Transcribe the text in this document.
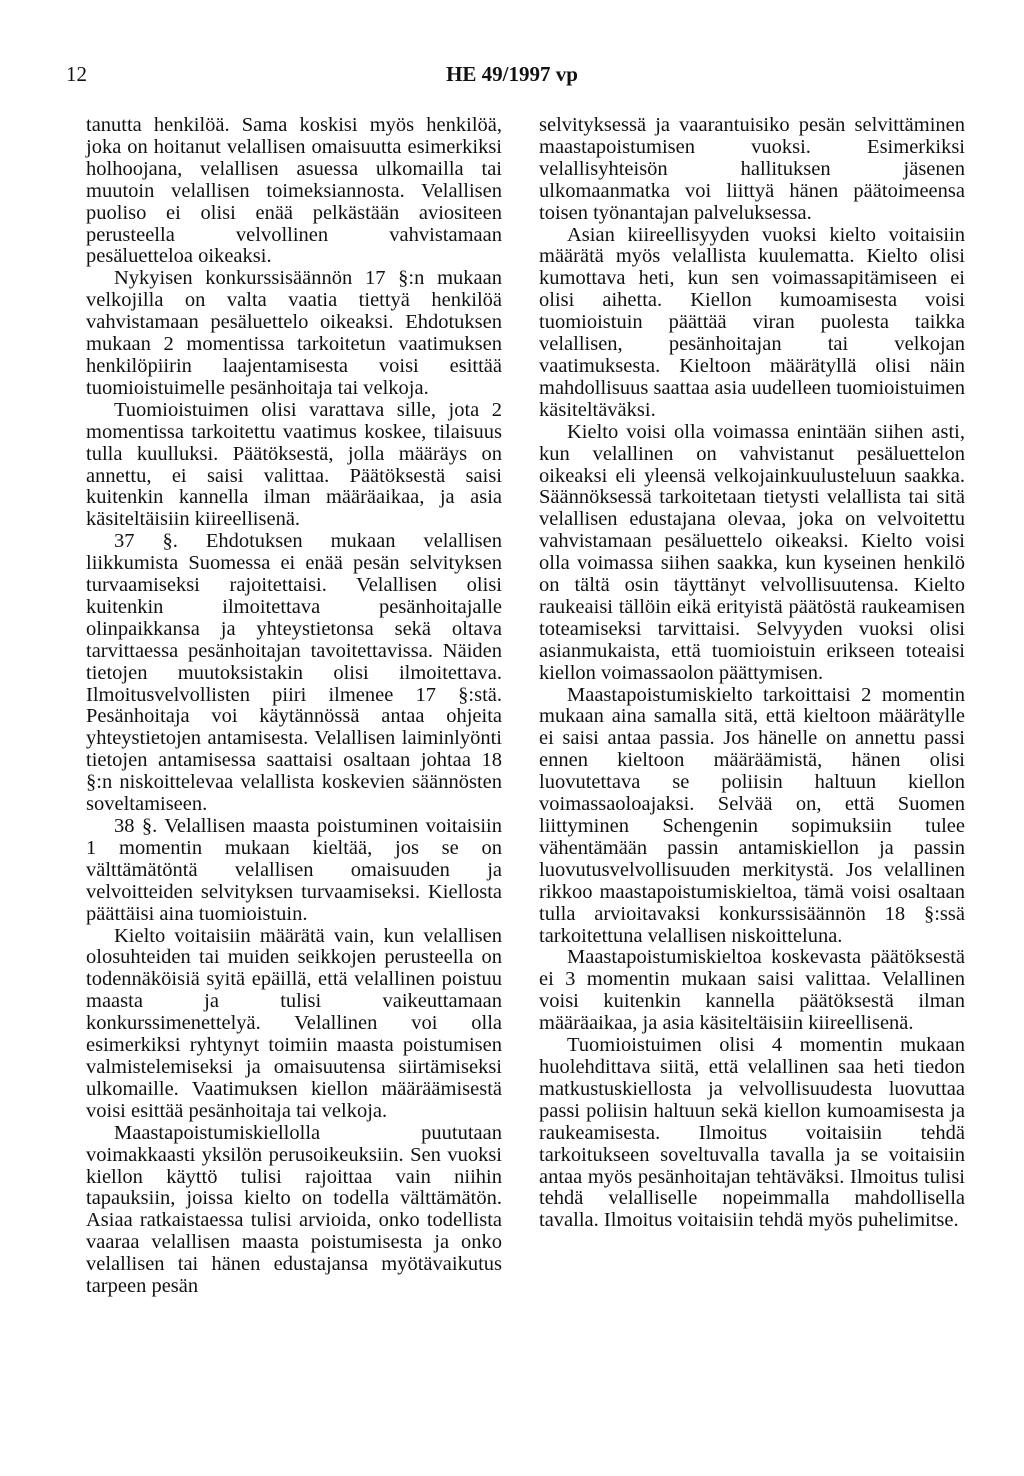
12	HE 49/1997 vp

tanutta henkilöä. Sama koskisi myös henkilöä, joka on hoitanut velallisen omaisuutta esimerkiksi holhoojana, velallisen asuessa ulkomailla tai muutoin velallisen toimeksiannosta. Velallisen puoliso ei olisi enää pelkästään aviositeen perusteella velvollinen vahvistamaan pesäluetteloa oikeaksi.

Nykyisen konkurssisäännön 17 §:n mukaan velkojilla on valta vaatia tiettyä henkilöä vahvistamaan pesäluettelo oikeaksi. Ehdotuksen mukaan 2 momentissa tarkoitetun vaatimuksen henkilöpiirin laajentamisesta voisi esittää tuomioistuimelle pesänhoitaja tai velkoja.

Tuomioistuimen olisi varattava sille, jota 2 momentissa tarkoitettu vaatimus koskee, tilaisuus tulla kuulluksi. Päätöksestä, jolla määräys on annettu, ei saisi valittaa. Päätöksestä saisi kuitenkin kannella ilman määräaikaa, ja asia käsiteltäisiin kiireellisenä.

37 §. Ehdotuksen mukaan velallisen liikkumista Suomessa ei enää pesän selvityksen turvaamiseksi rajoitettaisi. Velallisen olisi kuitenkin ilmoitettava pesänhoitajalle olinpaikkansa ja yhteystietonsa sekä oltava tarvittaessa pesänhoitajan tavoitettavissa. Näiden tietojen muutoksistakin olisi ilmoitettava. Ilmoitusvelvollisten piiri ilmenee 17 §:stä. Pesänhoitaja voi käytännössä antaa ohjeita yhteystietojen antamisesta. Velallisen laiminlyönti tietojen antamisessa saattaisi osaltaan johtaa 18 §:n niskoittelevaa velallista koskevien säännösten soveltamiseen.

38 §. Velallisen maasta poistuminen voitaisiin 1 momentin mukaan kieltää, jos se on välttämätöntä velallisen omaisuuden ja velvoitteiden selvityksen turvaamiseksi. Kiellosta päättäisi aina tuomioistuin.

Kielto voitaisiin määrätä vain, kun velallisen olosuhteiden tai muiden seikkojen perusteella on todennäköisiä syitä epäillä, että velallinen poistuu maasta ja tulisi vaikeuttamaan konkurssimenettelyä. Velallinen voi olla esimerkiksi ryhtynyt toimiin maasta poistumisen valmistelemiseksi ja omaisuutensa siirtämiseksi ulkomaille. Vaatimuksen kiellon määräämisestä voisi esittää pesänhoitaja tai velkoja.

Maastapoistumiskiellolla puututaan voimakkaasti yksilön perusoikeuksiin. Sen vuoksi kiellon käyttö tulisi rajoittaa vain niihin tapauksiin, joissa kielto on todella välttämätön. Asiaa ratkaistaessa tulisi arvioida, onko todellista vaaraa velallisen maasta poistumisesta ja onko velallisen tai hänen edustajansa myötävaikutus tarpeen pesän

selvityksessä ja vaarantuisiko pesän selvittäminen maastapoistumisen vuoksi. Esimerkiksi velallisyhteisön hallituksen jäsenen ulkomaanmatka voi liittyä hänen päätoimeensa toisen työnantajan palveluksessa.

Asian kiireellisyyden vuoksi kielto voitaisiin määrätä myös velallista kuulematta. Kielto olisi kumottava heti, kun sen voimassapitämiseen ei olisi aihetta. Kiellon kumoamisesta voisi tuomioistuin päättää viran puolesta taikka velallisen, pesänhoitajan tai velkojan vaatimuksesta. Kieltoon määrätyllä olisi näin mahdollisuus saattaa asia uudelleen tuomioistuimen käsiteltäväksi.

Kielto voisi olla voimassa enintään siihen asti, kun velallinen on vahvistanut pesäluettelon oikeaksi eli yleensä velkojainkuulusteluun saakka. Säännöksessä tarkoitetaan tietysti velallista tai sitä velallisen edustajana olevaa, joka on velvoitettu vahvistamaan pesäluettelo oikeaksi. Kielto voisi olla voimassa siihen saakka, kun kyseinen henkilö on tältä osin täyttänyt velvollisuutensa. Kielto raukeaisi tällöin eikä erityistä päätöstä raukeamisen toteamiseksi tarvittaisi. Selvyyden vuoksi olisi asianmukaista, että tuomioistuin erikseen toteaisi kiellon voimassaolon päättymisen.

Maastapoistumiskielto tarkoittaisi 2 momentin mukaan aina samalla sitä, että kieltoon määrätylle ei saisi antaa passia. Jos hänelle on annettu passi ennen kieltoon määräämistä, hänen olisi luovutettava se poliisin haltuun kiellon voimassaoloajaksi. Selvää on, että Suomen liittyminen Schengenin sopimuksiin tulee vähentämään passin antamiskiellon ja passin luovutusvelvollisuuden merkitystä. Jos velallinen rikkoo maastapoistumiskieltoa, tämä voisi osaltaan tulla arvioitavaksi konkurssisäännön 18 §:ssä tarkoitettuna velallisen niskoitteluna.

Maastapoistumiskieltoa koskevasta päätöksestä ei 3 momentin mukaan saisi valittaa. Velallinen voisi kuitenkin kannella päätöksestä ilman määräaikaa, ja asia käsiteltäisiin kiireellisenä.

Tuomioistuimen olisi 4 momentin mukaan huolehdittava siitä, että velallinen saa heti tiedon matkustuskiellosta ja velvollisuudesta luovuttaa passi poliisin haltuun sekä kiellon kumoamisesta ja raukeamisesta. Ilmoitus voitaisiin tehdä tarkoitukseen soveltuvalla tavalla ja se voitaisiin antaa myös pesänhoitajan tehtäväksi. Ilmoitus tulisi tehdä velalliselle nopeimmalla mahdollisella tavalla. Ilmoitus voitaisiin tehdä myös puhelimitse.
